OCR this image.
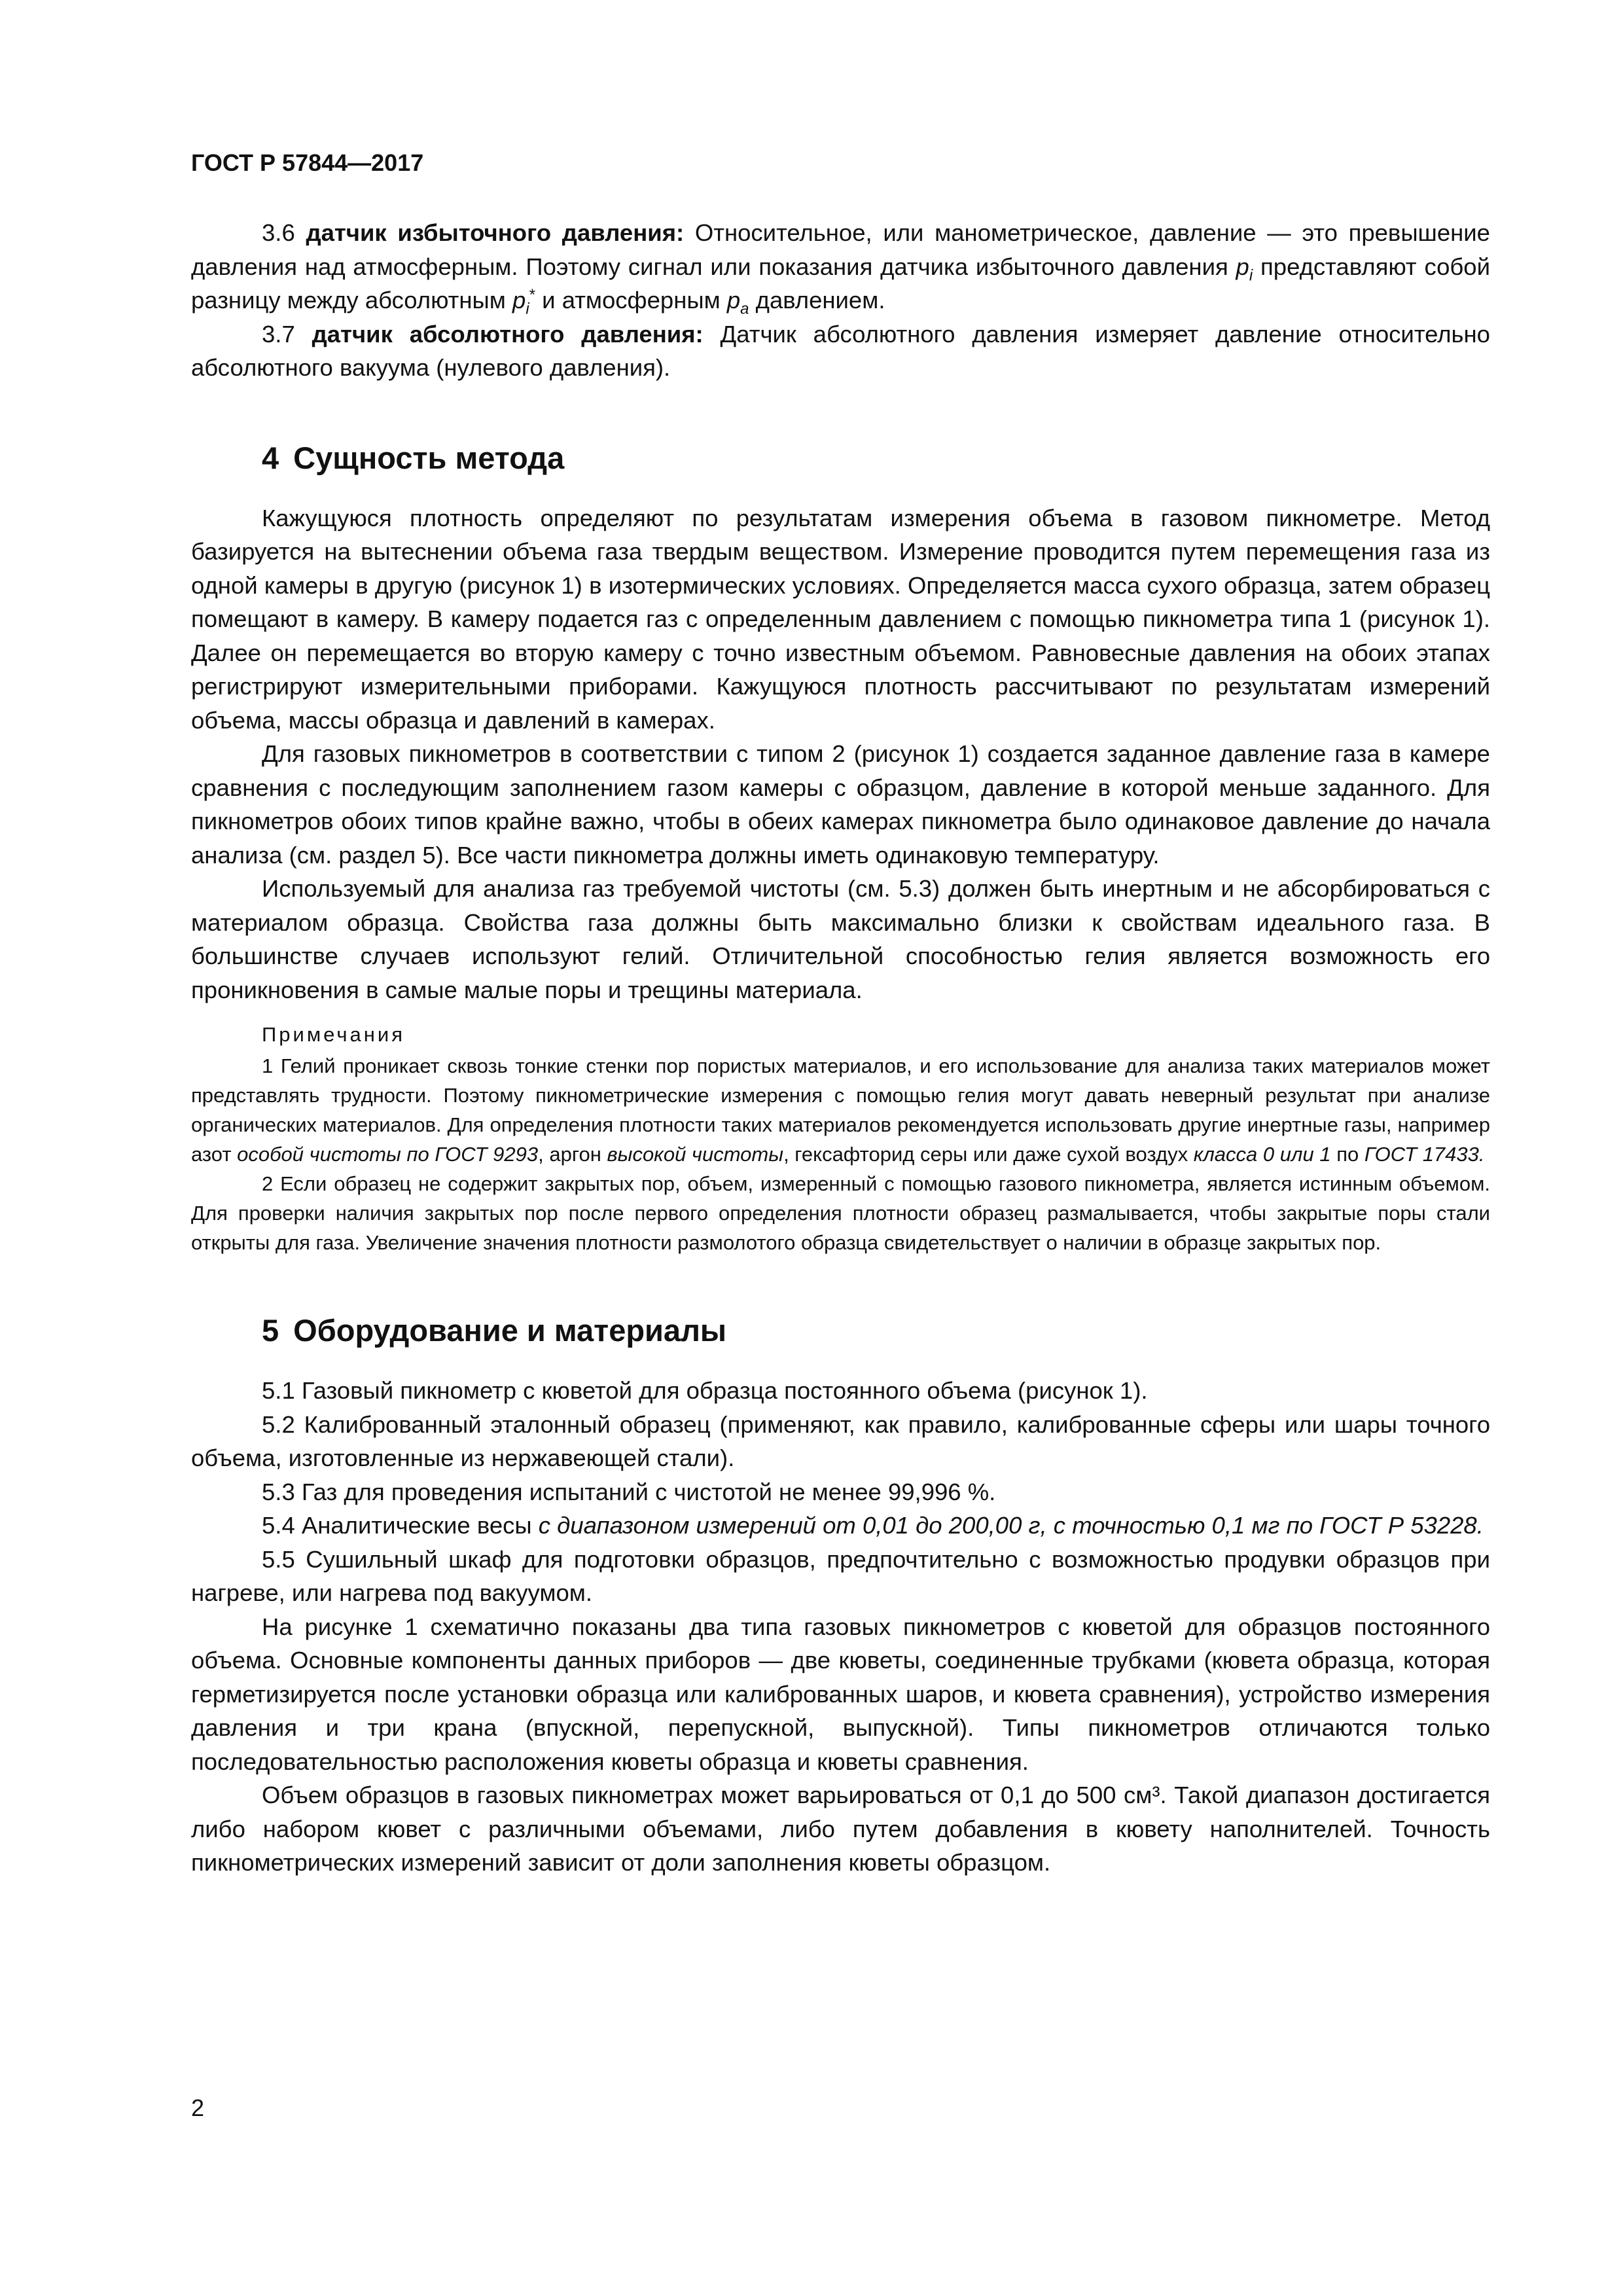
ГОСТ Р 57844—2017

3.6 датчик избыточного давления: Относительное, или манометрическое, давление — это превышение давления над атмосферным. Поэтому сигнал или показания датчика избыточного давления $p_i$ представляют собой разницу между абсолютным $p_i^*$ и атмосферным $p_a$ давлением.

3.7 датчик абсолютного давления: Датчик абсолютного давления измеряет давление относительно абсолютного вакуума (нулевого давления).

4 Сущность метода

Кажущуюся плотность определяют по результатам измерения объема в газовом пикнометре. Метод базируется на вытеснении объема газа твердым веществом. Измерение проводится путем перемещения газа из одной камеры в другую (рисунок 1) в изотермических условиях. Определяется масса сухого образца, затем образец помещают в камеру. В камеру подается газ с определенным давлением с помощью пикнометра типа 1 (рисунок 1). Далее он перемещается во вторую камеру с точно известным объемом. Равновесные давления на обоих этапах регистрируют измерительными приборами. Кажущуюся плотность рассчитывают по результатам измерений объема, массы образца и давлений в камерах.

Для газовых пикнометров в соответствии с типом 2 (рисунок 1) создается заданное давление газа в камере сравнения с последующим заполнением газом камеры с образцом, давление в которой меньше заданного. Для пикнометров обоих типов крайне важно, чтобы в обеих камерах пикнометра было одинаковое давление до начала анализа (см. раздел 5). Все части пикнометра должны иметь одинаковую температуру.

Используемый для анализа газ требуемой чистоты (см. 5.3) должен быть инертным и не абсорбироваться с материалом образца. Свойства газа должны быть максимально близки к свойствам идеального газа. В большинстве случаев используют гелий. Отличительной способностью гелия является возможность его проникновения в самые малые поры и трещины материала.

Примечания

1 Гелий проникает сквозь тонкие стенки пор пористых материалов, и его использование для анализа таких материалов может представлять трудности. Поэтому пикнометрические измерения с помощью гелия могут давать неверный результат при анализе органических материалов. Для определения плотности таких материалов рекомендуется использовать другие инертные газы, например азот особой чистоты по ГОСТ 9293, аргон высокой чистоты, гексафторид серы или даже сухой воздух класса 0 или 1 по ГОСТ 17433.

2 Если образец не содержит закрытых пор, объем, измеренный с помощью газового пикнометра, является истинным объемом. Для проверки наличия закрытых пор после первого определения плотности образец размалывается, чтобы закрытые поры стали открыты для газа. Увеличение значения плотности размолотого образца свидетельствует о наличии в образце закрытых пор.

5 Оборудование и материалы

5.1 Газовый пикнометр с кюветой для образца постоянного объема (рисунок 1).

5.2 Калиброванный эталонный образец (применяют, как правило, калиброванные сферы или шары точного объема, изготовленные из нержавеющей стали).

5.3 Газ для проведения испытаний с чистотой не менее 99,996 %.

5.4 Аналитические весы с диапазоном измерений от 0,01 до 200,00 г, с точностью 0,1 мг по ГОСТ Р 53228.

5.5 Сушильный шкаф для подготовки образцов, предпочтительно с возможностью продувки образцов при нагреве, или нагрева под вакуумом.

На рисунке 1 схематично показаны два типа газовых пикнометров с кюветой для образцов постоянного объема. Основные компоненты данных приборов — две кюветы, соединенные трубками (кювета образца, которая герметизируется после установки образца или калиброванных шаров, и кювета сравнения), устройство измерения давления и три крана (впускной, перепускной, выпускной). Типы пикнометров отличаются только последовательностью расположения кюветы образца и кюветы сравнения.

Объем образцов в газовых пикнометрах может варьироваться от 0,1 до 500 см³. Такой диапазон достигается либо набором кювет с различными объемами, либо путем добавления в кювету наполнителей. Точность пикнометрических измерений зависит от доли заполнения кюветы образцом.

2
